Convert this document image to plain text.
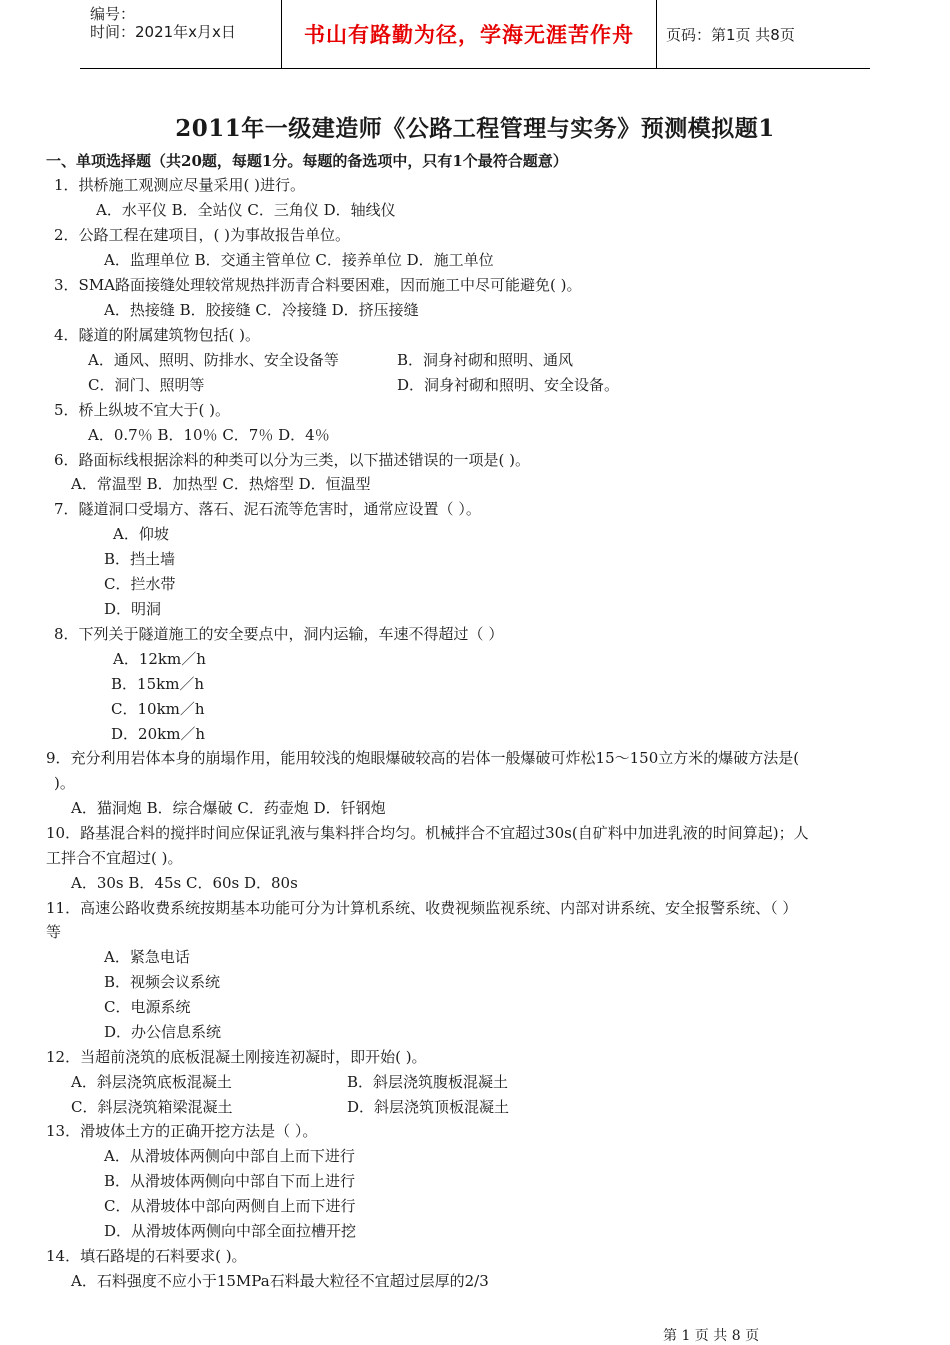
编号：
时间：2021年x月x日	书山有路勤为径，学海无涯苦作舟	页码：第1页 共8页
2011年一级建造师《公路工程管理与实务》预测模拟题1
一、单项选择题（共20题，每题1分。每题的备选项中，只有1个最符合题意）
1．拱桥施工观测应尽量采用( )进行。
A．水平仪 B．全站仪 C．三角仪 D．轴线仪
2．公路工程在建项目，( )为事故报告单位。
A．监理单位 B．交通主管单位 C．接养单位 D．施工单位
3．SMA路面接缝处理较常规热拌沥青合料要困难，因而施工中尽可能避免( )。
A．热接缝 B．胶接缝 C．冷接缝 D．挤压接缝
4．隧道的附属建筑物包括( )。
A．通风、照明、防排水、安全设备等	B．洞身衬砌和照明、通风
C．洞门、照明等	D．洞身衬砌和照明、安全设备。
5．桥上纵坡不宜大于( )。
A．0.7％ B．10％ C．7％ D．4％
6．路面标线根据涂料的种类可以分为三类，以下描述错误的一项是( )。
A．常温型 B．加热型 C．热熔型 D．恒温型
7．隧道洞口受塌方、落石、泥石流等危害时，通常应设置（ ）。
A．仰坡
B．挡土墙
C．拦水带
D．明洞
8．下列关于隧道施工的安全要点中，洞内运输，车速不得超过（ ）
A．12km／h
B．15km／h
C．10km／h
D．20km／h
9．充分利用岩体本身的崩塌作用，能用较浅的炮眼爆破较高的岩体一般爆破可炸松15～150立方米的爆破方法是(
)。
A．猫洞炮 B．综合爆破 C．药壶炮 D．钎钢炮
10．路基混合料的搅拌时间应保证乳液与集料拌合均匀。机械拌合不宜超过30s(自矿料中加进乳液的时间算起)；人
工拌合不宜超过( )。
A．30s B．45s C．60s D．80s
11．高速公路收费系统按期基本功能可分为计算机系统、收费视频监视系统、内部对讲系统、安全报警系统、（ ）
等
A．紧急电话
B．视频会议系统
C．电源系统
D．办公信息系统
12．当超前浇筑的底板混凝土刚接连初凝时，即开始( )。
A．斜层浇筑底板混凝土	B．斜层浇筑腹板混凝土
C．斜层浇筑箱梁混凝土	D．斜层浇筑顶板混凝土
13．滑坡体土方的正确开挖方法是（ ）。
A．从滑坡体两侧向中部自上而下进行
B．从滑坡体两侧向中部自下而上进行
C．从滑坡体中部向两侧自上而下进行
D．从滑坡体两侧向中部全面拉槽开挖
14．填石路堤的石料要求( )。
A．石料强度不应小于15MPa石料最大粒径不宜超过层厚的2/3
第 1 页 共 8 页
